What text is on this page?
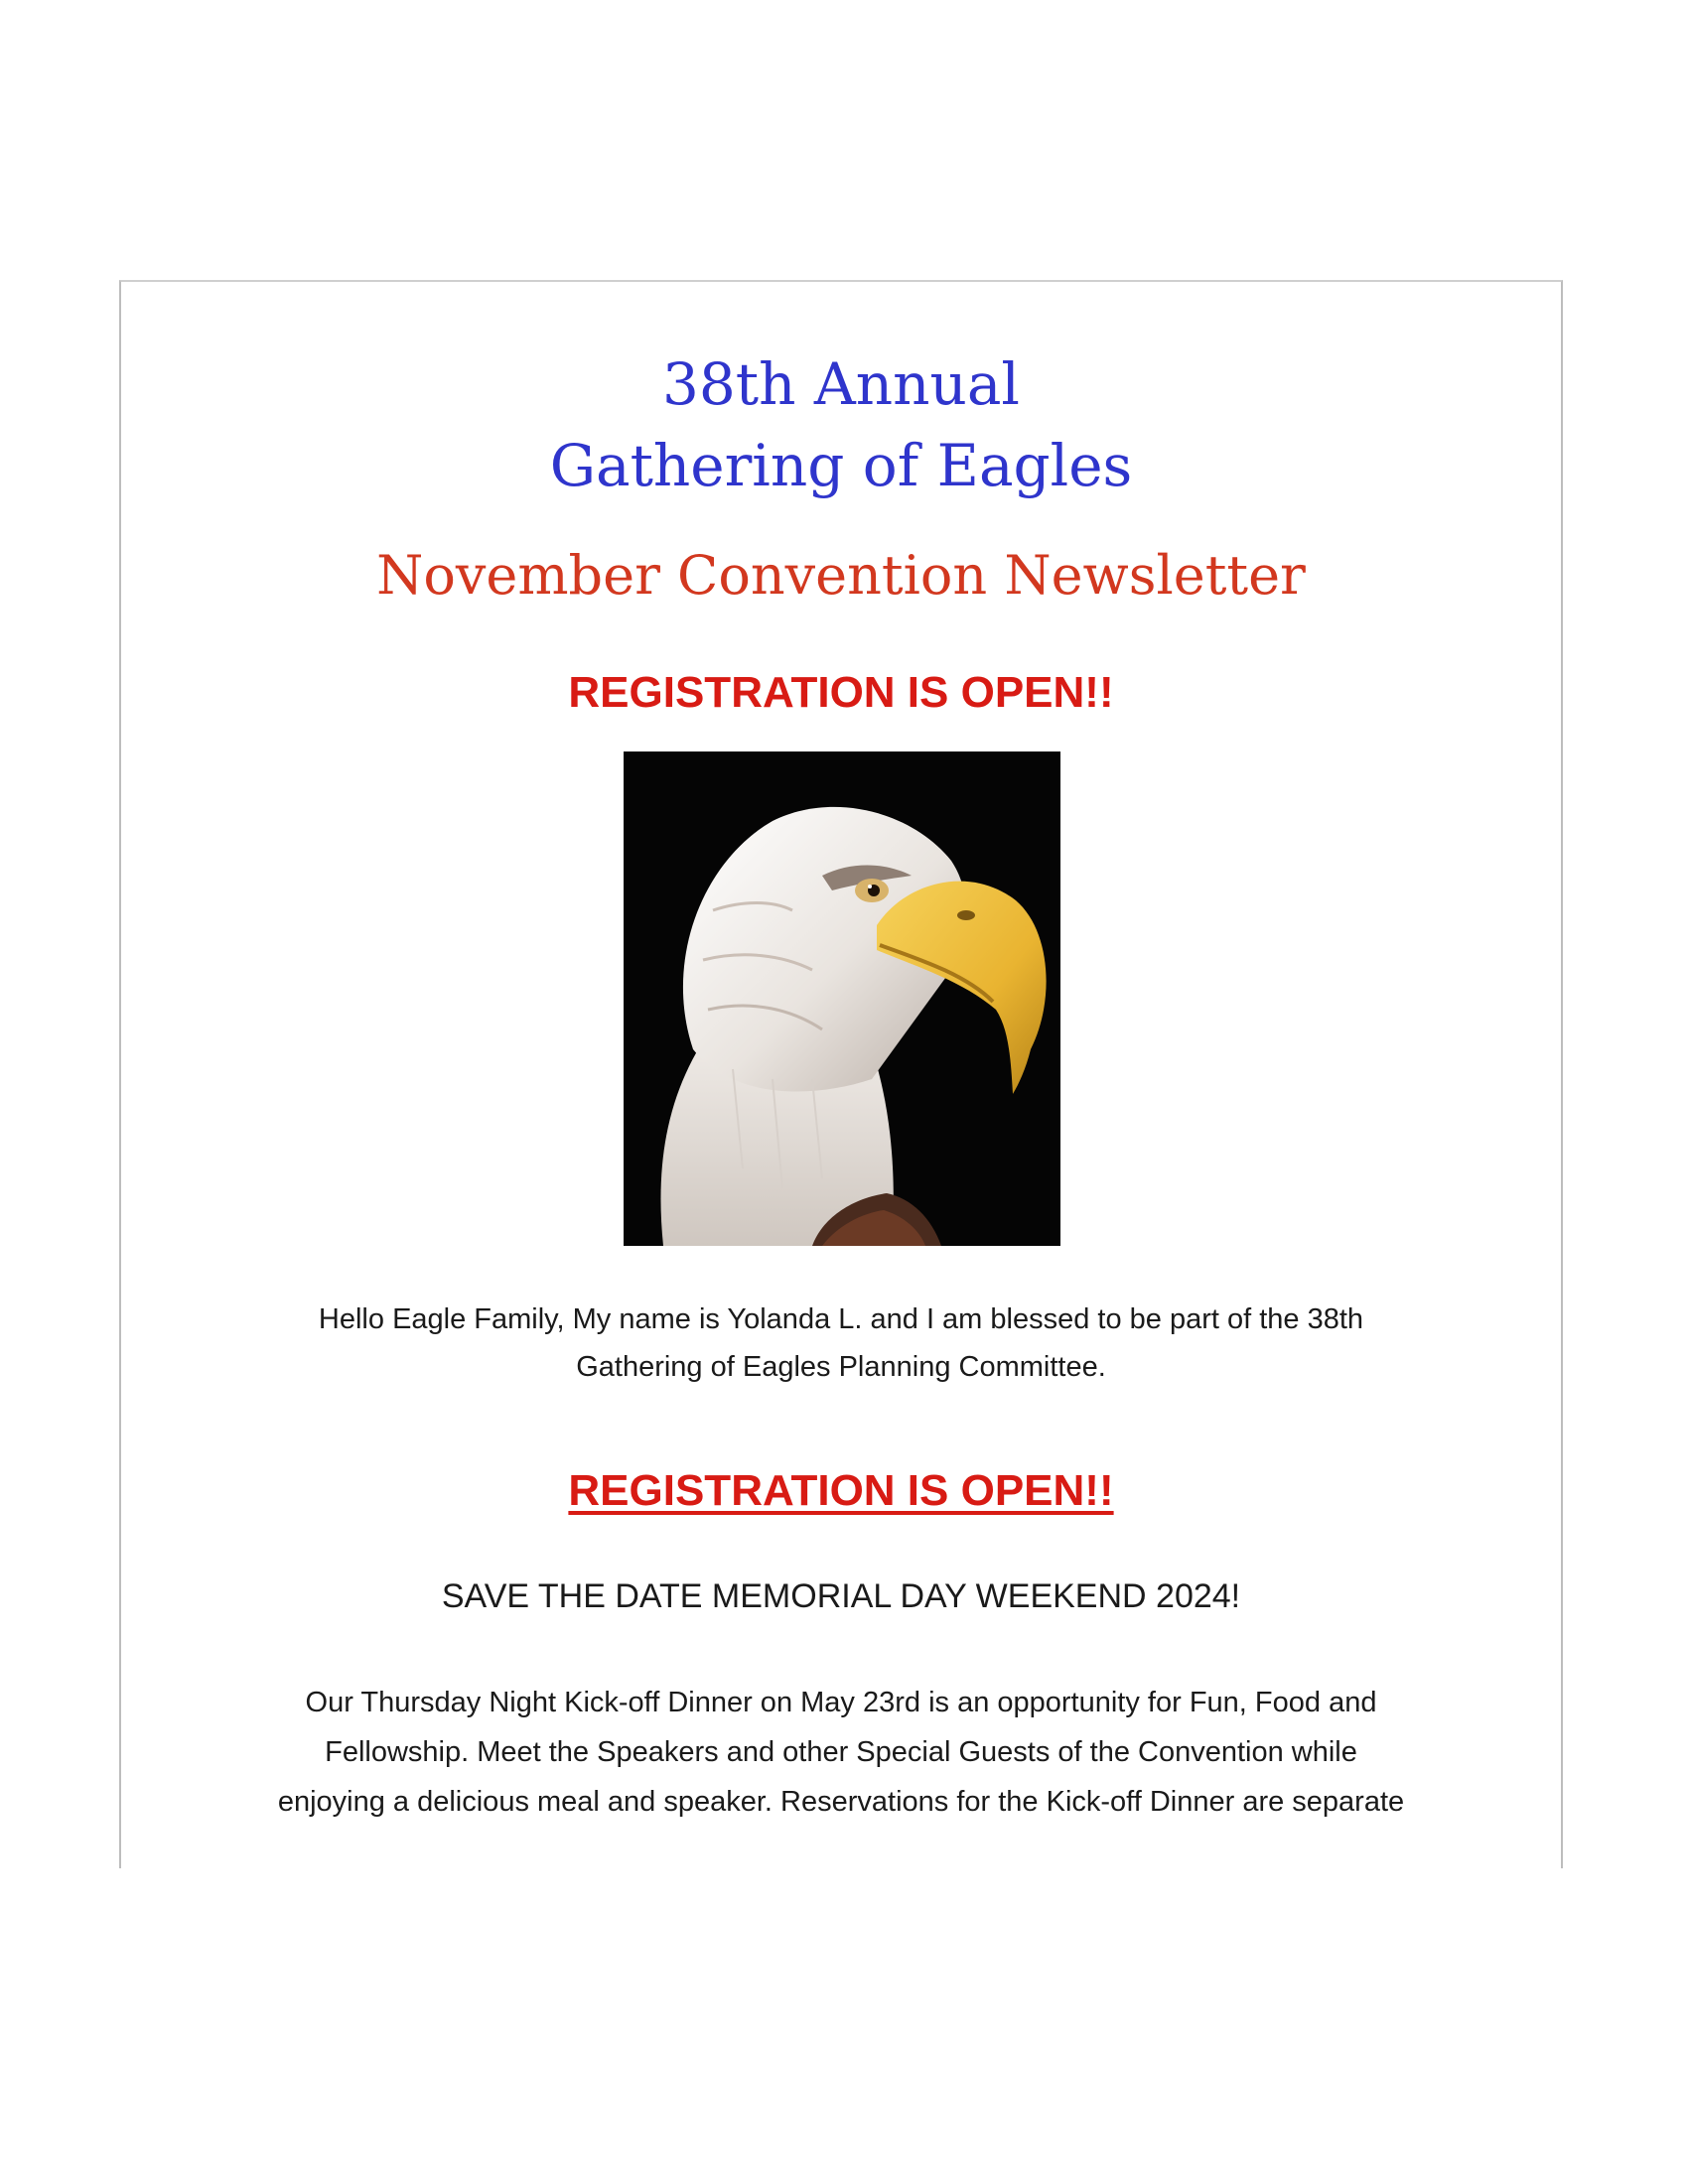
38th Annual
Gathering of Eagles
November Convention Newsletter
REGISTRATION IS OPEN!!
Hello Eagle Family, My name is Yolanda L. and I am blessed to be part of the 38th
Gathering of Eagles Planning Committee.
REGISTRATION IS OPEN!!
SAVE THE DATE MEMORIAL DAY WEEKEND 2024!
Our Thursday Night Kick-off Dinner on May 23rd is an opportunity for Fun, Food and
Fellowship. Meet the Speakers and other Special Guests of the Convention while
enjoying a delicious meal and speaker. Reservations for the Kick-off Dinner are separate
